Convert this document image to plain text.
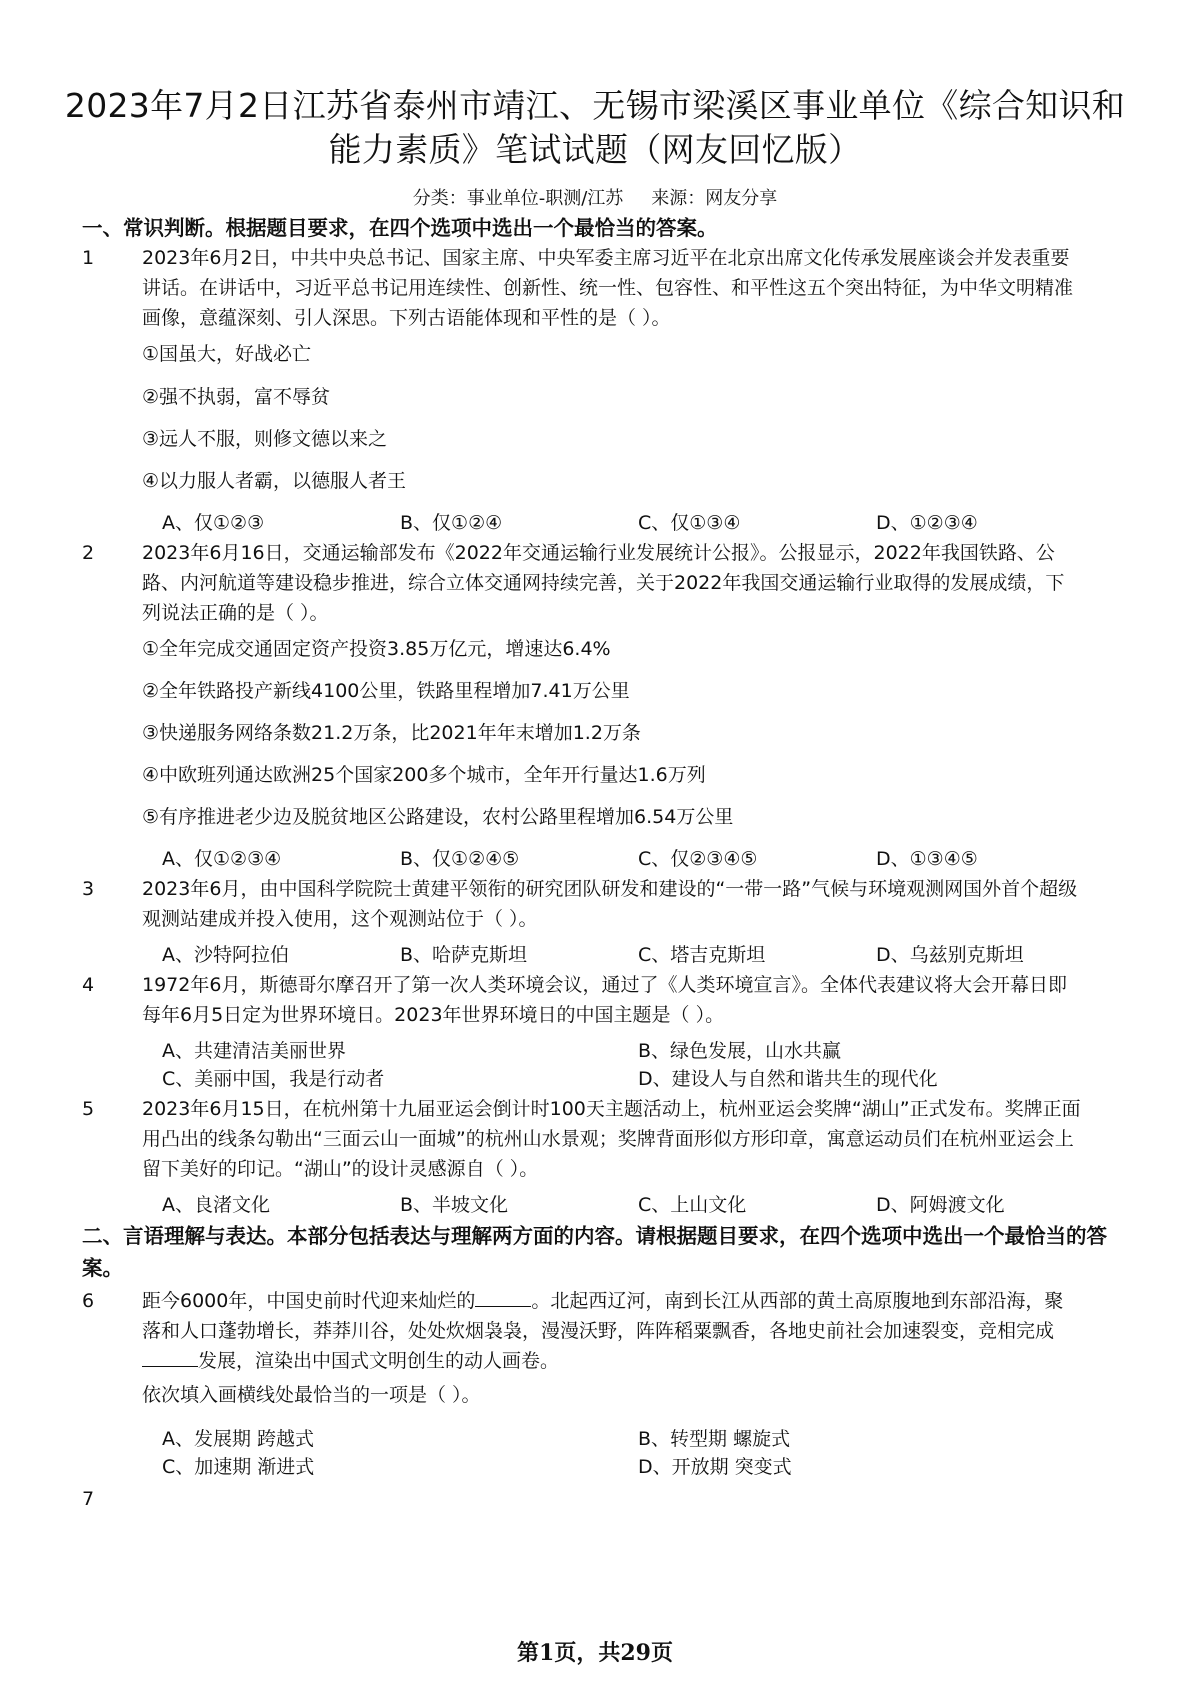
2023年7月2日江苏省泰州市靖江、无锡市梁溪区事业单位《综合知识和能力素质》笔试试题（网友回忆版）
分类：事业单位-职测/江苏 来源：网友分享

一、常识判断。根据题目要求，在四个选项中选出一个最恰当的答案。

1	2023年6月2日，中共中央总书记、国家主席、中央军委主席习近平在北京出席文化传承发展座谈会并发表重要讲话。在讲话中，习近平总书记用连续性、创新性、统一性、包容性、和平性这五个突出特征，为中华文明精准画像，意蕴深刻、引人深思。下列古语能体现和平性的是（ ）。

①国虽大，好战必亡

②强不执弱，富不辱贫

③远人不服，则修文德以来之

④以力服人者霸，以德服人者王

A、仅①②③	B、仅①②④	C、仅①③④	D、①②③④
2	2023年6月16日，交通运输部发布《2022年交通运输行业发展统计公报》。公报显示，2022年我国铁路、公路、内河航道等建设稳步推进，综合立体交通网持续完善，关于2022年我国交通运输行业取得的发展成绩，下列说法正确的是（ ）。

①全年完成交通固定资产投资3.85万亿元，增速达6.4%

②全年铁路投产新线4100公里，铁路里程增加7.41万公里

③快递服务网络条数21.2万条，比2021年年末增加1.2万条

④中欧班列通达欧洲25个国家200多个城市，全年开行量达1.6万列

⑤有序推进老少边及脱贫地区公路建设，农村公路里程增加6.54万公里

A、仅①②③④	B、仅①②④⑤	C、仅②③④⑤	D、①③④⑤
3	2023年6月，由中国科学院院士黄建平领衔的研究团队研发和建设的“一带一路”气候与环境观测网国外首个超级观测站建成并投入使用，这个观测站位于（ ）。

A、沙特阿拉伯	B、哈萨克斯坦	C、塔吉克斯坦	D、乌兹别克斯坦
4	1972年6月，斯德哥尔摩召开了第一次人类环境会议，通过了《人类环境宣言》。全体代表建议将大会开幕日即每年6月5日定为世界环境日。2023年世界环境日的中国主题是（ ）。

A、共建清洁美丽世界	B、绿色发展，山水共赢
C、美丽中国，我是行动者	D、建设人与自然和谐共生的现代化
5	2023年6月15日，在杭州第十九届亚运会倒计时100天主题活动上，杭州亚运会奖牌“湖山”正式发布。奖牌正面用凸出的线条勾勒出“三面云山一面城”的杭州山水景观；奖牌背面形似方形印章，寓意运动员们在杭州亚运会上留下美好的印记。“湖山”的设计灵感源自（ ）。

A、良渚文化	B、半坡文化	C、上山文化	D、阿姆渡文化

二、言语理解与表达。本部分包括表达与理解两方面的内容。请根据题目要求，在四个选项中选出一个最恰当的答案。

6	距今6000年，中国史前时代迎来灿烂的	。北起西辽河，南到长江从西部的黄土高原腹地到东部沿海，聚落和人口蓬勃增长，莽莽川谷，处处炊烟袅袅，漫漫沃野，阵阵稻粟飘香，各地史前社会加速裂变，竞相完成发展，渲染出中国式文明创生的动人画卷。

依次填入画横线处最恰当的一项是（ ）。

A、发展期 跨越式	B、转型期 螺旋式
C、加速期 渐进式	D、开放期 突变式
7
第1页，共29页
